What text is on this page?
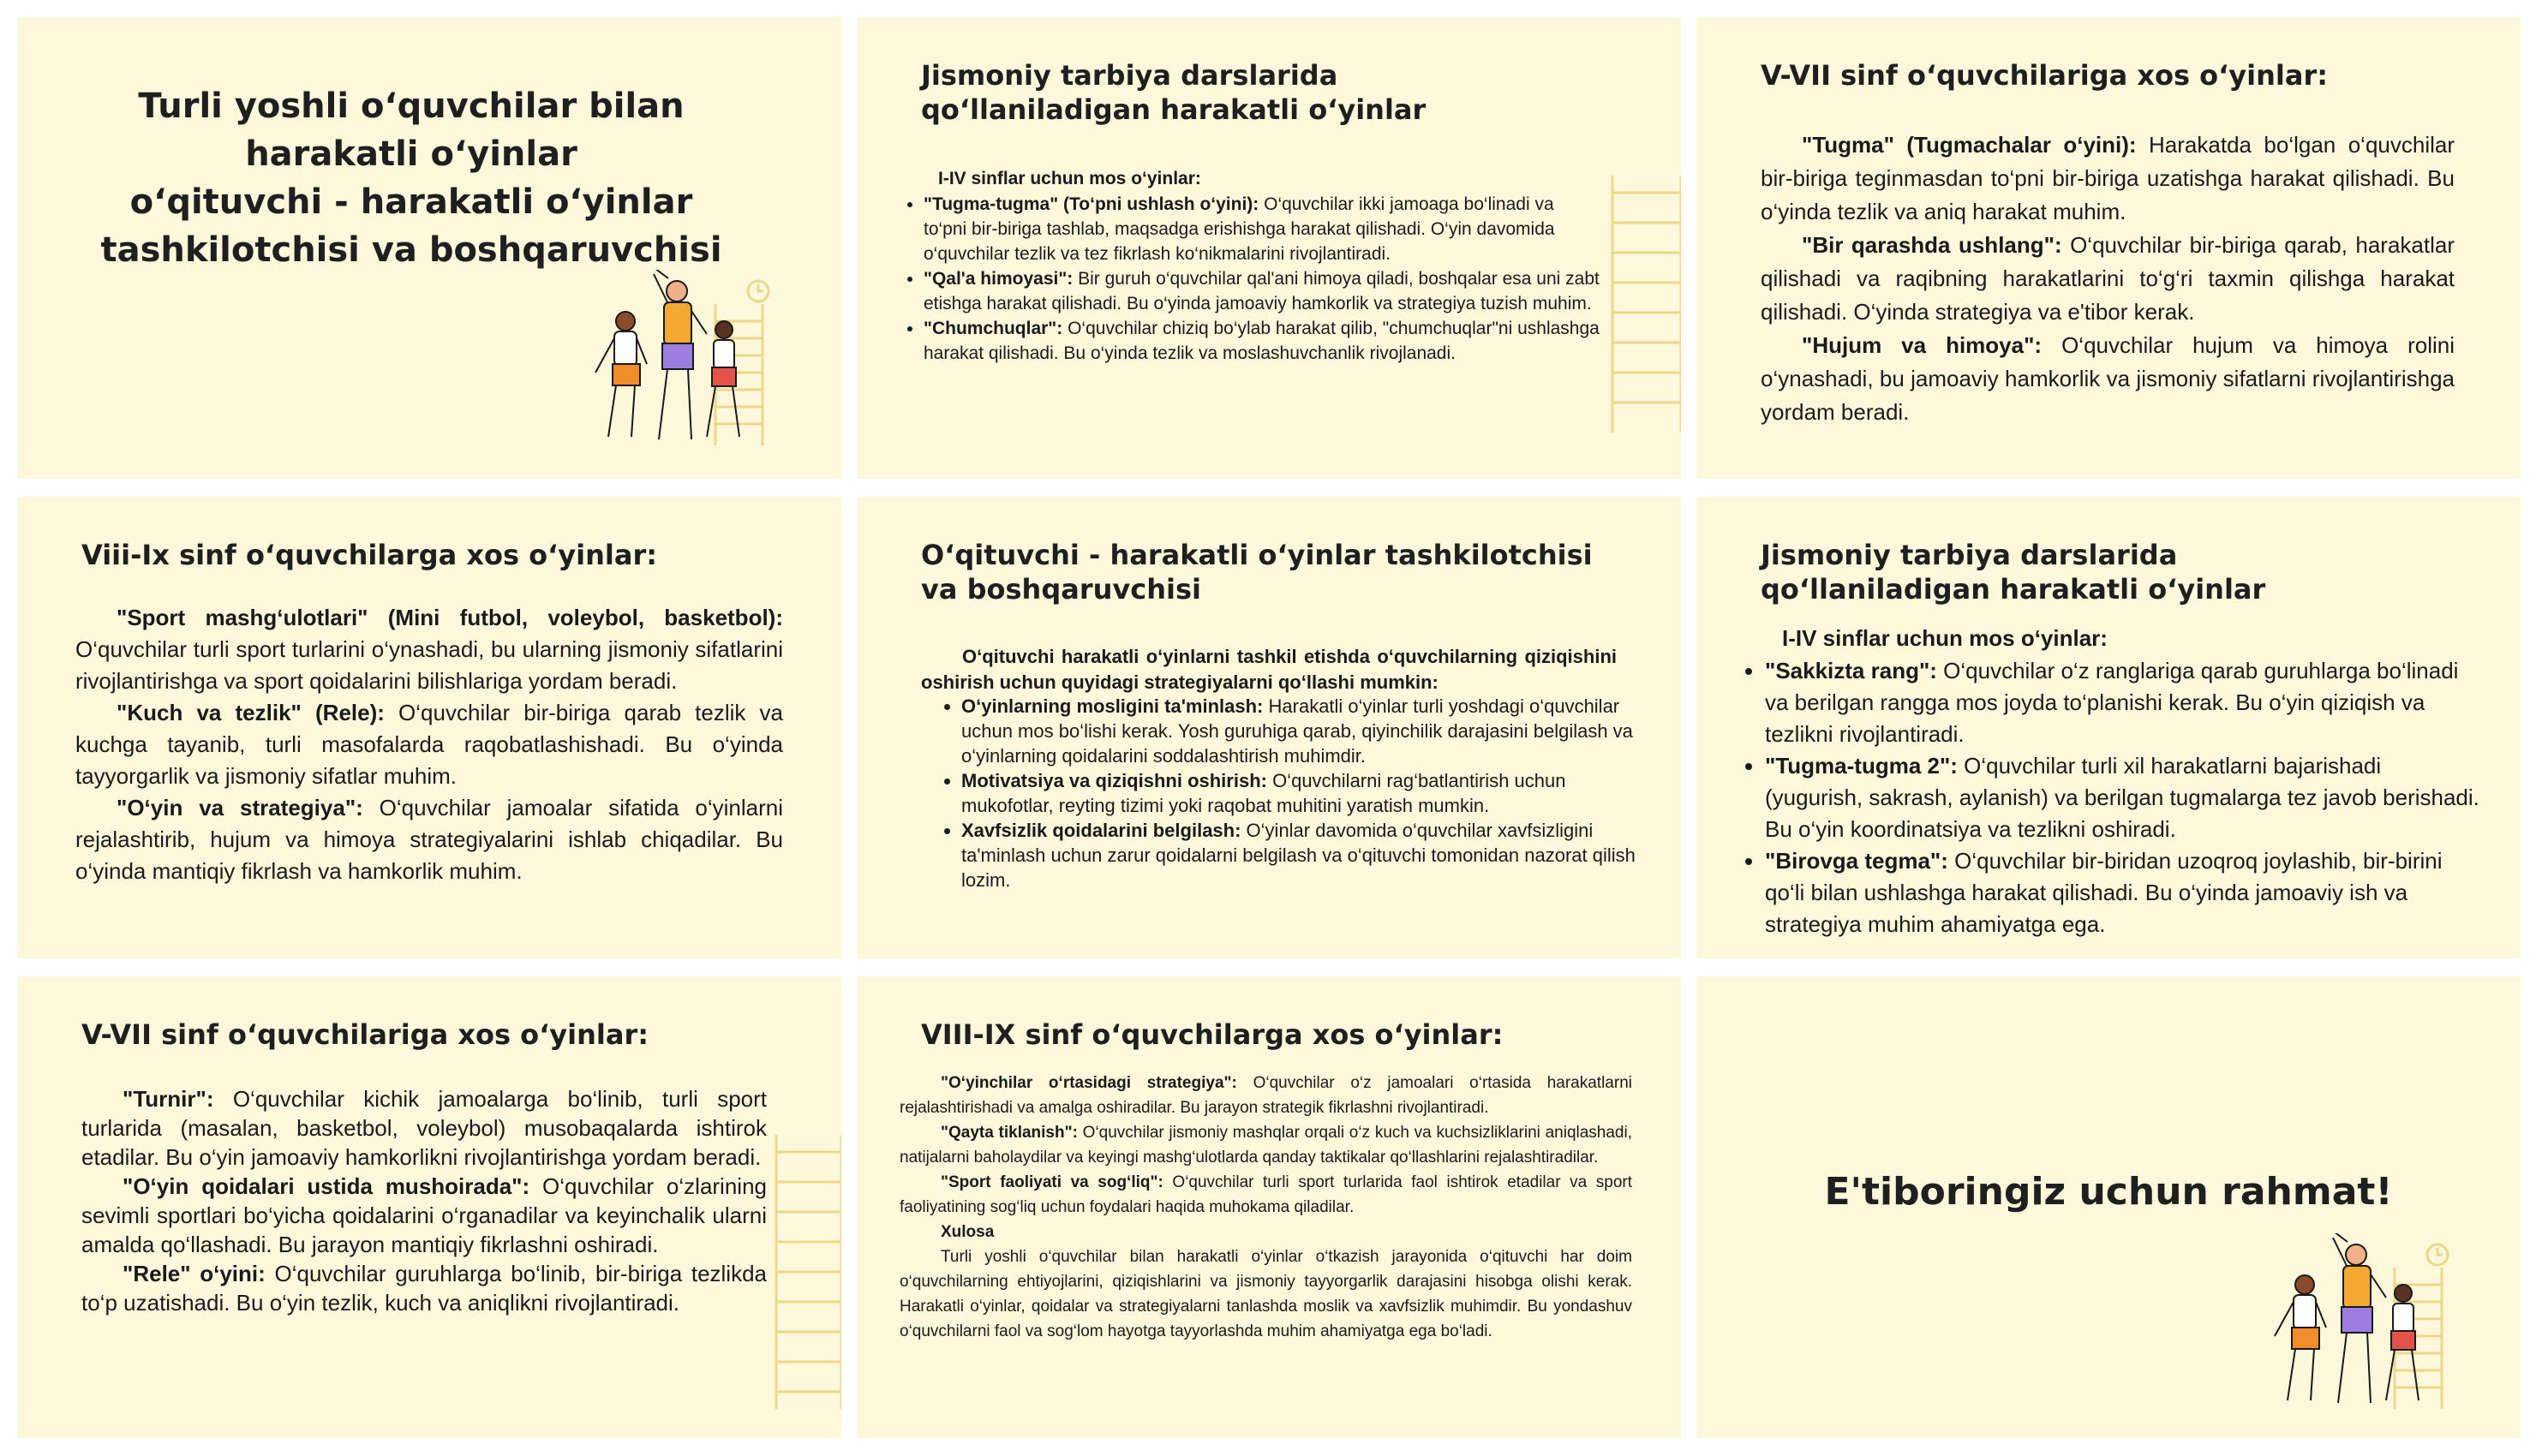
Turli yoshli o‘quvchilar bilan
harakatli o‘yinlar
o‘qituvchi - harakatli o‘yinlar
tashkilotchisi va boshqaruvchisi
Jismoniy tarbiya darslarida qo‘llaniladigan harakatli o‘yinlar
I-IV sinflar uchun mos o‘yinlar:
• "Tugma-tugma" (To‘pni ushlash o‘yini): O‘quvchilar ikki jamoaga bo‘linadi va to‘pni bir-biriga tashlab, maqsadga erishishga harakat qilishadi. O‘yin davomida o‘quvchilar tezlik va tez fikrlash ko‘nikmalarini rivojlantiradi.
• "Qal'a himoyasi": Bir guruh o‘quvchilar qal'ani himoya qiladi, boshqalar esa uni zabt etishga harakat qilishadi. Bu o‘yinda jamoaviy hamkorlik va strategiya tuzish muhim.
• "Chumchuqlar": O‘quvchilar chiziq bo‘ylab harakat qilib, "chumchuqlar"ni ushlashga harakat qilishadi. Bu o‘yinda tezlik va moslashuvchanlik rivojlanadi.
V-VII sinf o‘quvchilariga xos o‘yinlar:

"Tugma" (Tugmachalar o‘yini): Harakatda bo‘lgan o‘quvchilar bir-biriga teginmasdan to‘pni bir-biriga uzatishga harakat qilishadi. Bu o‘yinda tezlik va aniq harakat muhim.

"Bir qarashda ushlang": O‘quvchilar bir-biriga qarab, harakatlar qilishadi va raqibning harakatlarini to‘g‘ri taxmin qilishga harakat qilishadi. O‘yinda strategiya va e'tibor kerak.

"Hujum va himoya": O‘quvchilar hujum va himoya rolini o‘ynashadi, bu jamoaviy hamkorlik va jismoniy sifatlarni rivojlantirishga yordam beradi.

Viii-Ix sinf o‘quvchilarga xos o‘yinlar:

"Sport mashg‘ulotlari" (Mini futbol, voleybol, basketbol): O‘quvchilar turli sport turlarini o‘ynashadi, bu ularning jismoniy sifatlarini rivojlantirishga va sport qoidalarini bilishlariga yordam beradi.

"Kuch va tezlik" (Rele): O‘quvchilar bir-biriga qarab tezlik va kuchga tayanib, turli masofalarda raqobatlashishadi. Bu o‘yinda tayyorgarlik va jismoniy sifatlar muhim.

"O‘yin va strategiya": O‘quvchilar jamoalar sifatida o‘yinlarni rejalashtirib, hujum va himoya strategiyalarini ishlab chiqadilar. Bu o‘yinda mantiqiy fikrlash va hamkorlik muhim.

O‘qituvchi - harakatli o‘yinlar tashkilotchisi va boshqaruvchisi

O‘qituvchi harakatli o‘yinlarni tashkil etishda o‘quvchilarning qiziqishini oshirish uchun quyidagi strategiyalarni qo‘llashi mumkin:

• O‘yinlarning mosligini ta'minlash: Harakatli o‘yinlar turli yoshdagi o‘quvchilar uchun mos bo‘lishi kerak. Yosh guruhiga qarab, qiyinchilik darajasini belgilash va o‘yinlarning qoidalarini soddalashtirish muhimdir.
• Motivatsiya va qiziqishni oshirish: O‘quvchilarni rag‘batlantirish uchun mukofotlar, reyting tizimi yoki raqobat muhitini yaratish mumkin.
• Xavfsizlik qoidalarini belgilash: O‘yinlar davomida o‘quvchilar xavfsizligini ta'minlash uchun zarur qoidalarni belgilash va o‘qituvchi tomonidan nazorat qilish lozim.
Jismoniy tarbiya darslarida qo‘llaniladigan harakatli o‘yinlar
I-IV sinflar uchun mos o‘yinlar:
• "Sakkizta rang": O‘quvchilar o‘z ranglariga qarab guruhlarga bo‘linadi va berilgan rangga mos joyda to‘planishi kerak. Bu o‘yin qiziqish va tezlikni rivojlantiradi.
• "Tugma-tugma 2": O‘quvchilar turli xil harakatlarni bajarishadi (yugurish, sakrash, aylanish) va berilgan tugmalarga tez javob berishadi. Bu o‘yin koordinatsiya va tezlikni oshiradi.
• "Birovga tegma": O‘quvchilar bir-biridan uzoqroq joylashib, bir-birini qo‘li bilan ushlashga harakat qilishadi. Bu o‘yinda jamoaviy ish va strategiya muhim ahamiyatga ega.
V-VII sinf o‘quvchilariga xos o‘yinlar:

"Turnir": O‘quvchilar kichik jamoalarga bo‘linib, turli sport turlarida (masalan, basketbol, voleybol) musobaqalarda ishtirok etadilar. Bu o‘yin jamoaviy hamkorlikni rivojlantirishga yordam beradi.

"O‘yin qoidalari ustida mushoirada": O‘quvchilar o‘zlarining sevimli sportlari bo‘yicha qoidalarini o‘rganadilar va keyinchalik ularni amalda qo‘llashadi. Bu jarayon mantiqiy fikrlashni oshiradi.

"Rele" o‘yini: O‘quvchilar guruhlarga bo‘linib, bir-biriga tezlikda to‘p uzatishadi. Bu o‘yin tezlik, kuch va aniqlikni rivojlantiradi.

VIII-IX sinf o‘quvchilarga xos o‘yinlar:

"O‘yinchilar o‘rtasidagi strategiya": O‘quvchilar o‘z jamoalari o‘rtasida harakatlarni rejalashtirishadi va amalga oshiradilar. Bu jarayon strategik fikrlashni rivojlantiradi.

"Qayta tiklanish": O‘quvchilar jismoniy mashqlar orqali o‘z kuch va kuchsizliklarini aniqlashadi, natijalarni baholaydilar va keyingi mashg‘ulotlarda qanday taktikalar qo‘llashlarini rejalashtiradilar.

"Sport faoliyati va sog‘liq": O‘quvchilar turli sport turlarida faol ishtirok etadilar va sport faoliyatining sog‘liq uchun foydalari haqida muhokama qiladilar.

Xulosa

Turli yoshli o‘quvchilar bilan harakatli o‘yinlar o‘tkazish jarayonida o‘qituvchi har doim o‘quvchilarning ehtiyojlarini, qiziqishlarini va jismoniy tayyorgarlik darajasini hisobga olishi kerak. Harakatli o‘yinlar, qoidalar va strategiyalarni tanlashda moslik va xavfsizlik muhimdir. Bu yondashuv o‘quvchilarni faol va sog‘lom hayotga tayyorlashda muhim ahamiyatga ega bo‘ladi.

E'tiboringiz uchun rahmat!
